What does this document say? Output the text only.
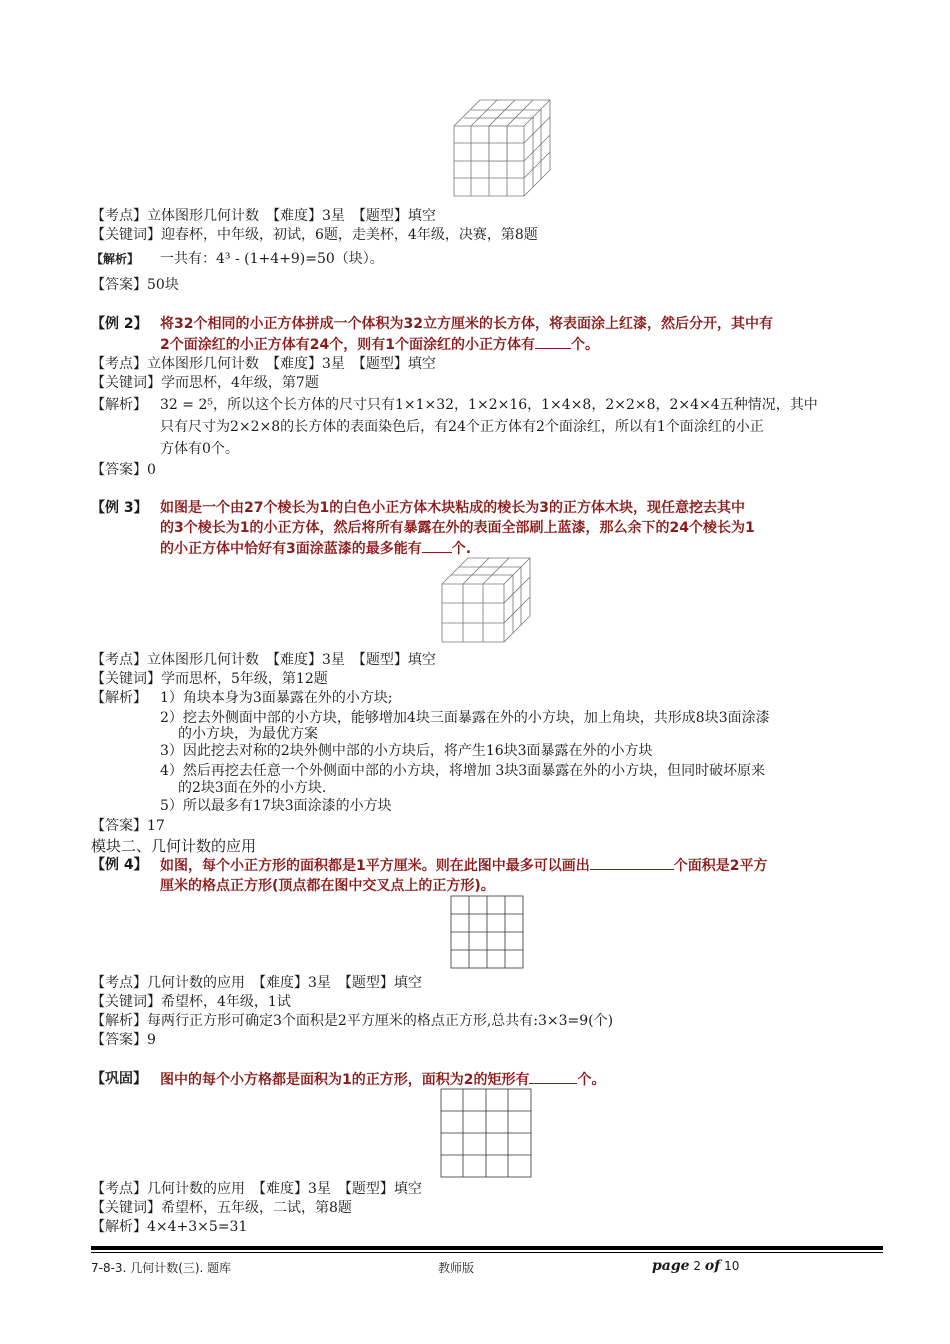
【考点】立体图形几何计数　【难度】3星　【题型】填空
【关键词】迎春杯，中年级，初试，6题，走美杯，4年级，决赛，第8题
【解析】 一共有：4³ - (1+4+9)=50（块）。
【答案】50块
【例 2】 将32个相同的小正方体拼成一个体积为32立方厘米的长方体，将表面涂上红漆，然后分开，其中有
2个面涂红的小正方体有24个，则有1个面涂红的小正方体有	个。
【考点】立体图形几何计数　【难度】3星　【题型】填空
【关键词】学而思杯，4年级，第7题
【解析】 32 = 2⁵，所以这个长方体的尺寸只有1×1×32，1×2×16，1×4×8，2×2×8，2×4×4五种情况，其中
只有尺寸为2×2×8的长方体的表面染色后，有24个正方体有2个面涂红，所以有1个面涂红的小正
方体有0个。
【答案】0
【例 3】 如图是一个由27个棱长为1的白色小正方体木块粘成的棱长为3的正方体木块，现任意挖去其中
的3个棱长为1的小正方体，然后将所有暴露在外的表面全部刷上蓝漆，那么余下的24个棱长为1
的小正方体中恰好有3面涂蓝漆的最多能有 个.
【考点】立体图形几何计数　【难度】3星　【题型】填空
【关键词】学而思杯，5年级，第12题
【解析】 1）角块本身为3面暴露在外的小方块;
2）挖去外侧面中部的小方块，能够增加4块三面暴露在外的小方块，加上角块，共形成8块3面涂漆
的小方块，为最优方案
3）因此挖去对称的2块外侧中部的小方块后，将产生16块3面暴露在外的小方块
4）然后再挖去任意一个外侧面中部的小方块，将增加 3块3面暴露在外的小方块，但同时破坏原来
的2块3面在外的小方块.
5）所以最多有17块3面涂漆的小方块
【答案】17
模块二、几何计数的应用
【例 4】 如图，每个小正方形的面积都是1平方厘米。则在此图中最多可以画出	个面积是2平方
厘米的格点正方形(顶点都在图中交叉点上的正方形)。
【考点】几何计数的应用　【难度】3星　【题型】填空
【关键词】希望杯，4年级，1试
【解析】每两行正方形可确定3个面积是2平方厘米的格点正方形,总共有:3×3=9(个)
【答案】9
【巩固】 图中的每个小方格都是面积为1的正方形，面积为2的矩形有	个。
【考点】几何计数的应用　【难度】3星　【题型】填空
【关键词】希望杯，五年级，二试，第8题
【解析】4×4+3×5=31
7-8-3. 几何计数(三). 题库	教师版	page 2 of 10
